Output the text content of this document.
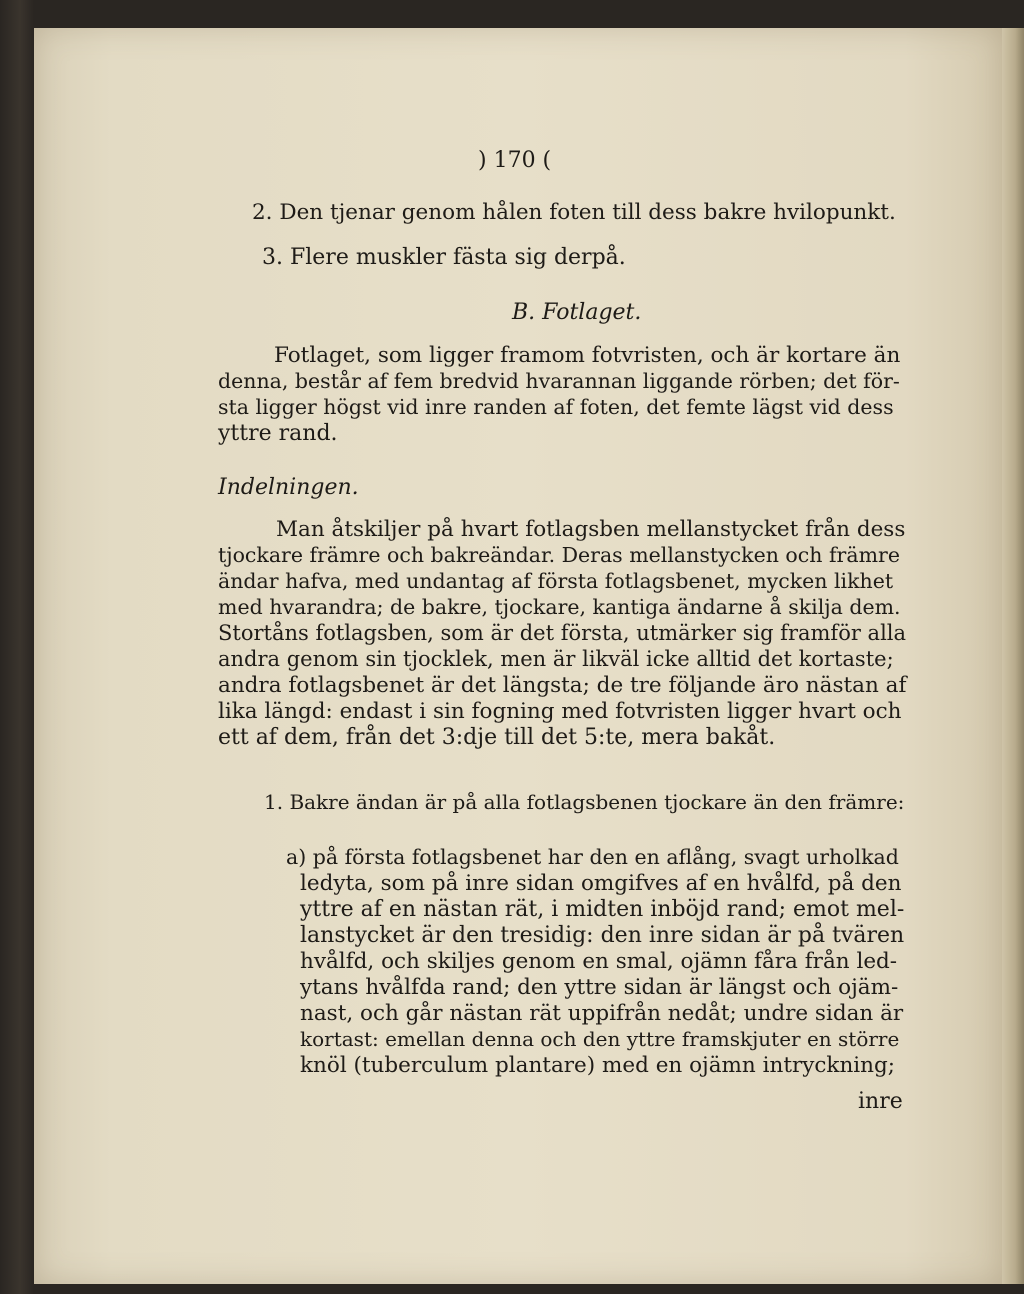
) 170 (
2. Den tjenar genom hålen foten till dess bakre hvilopunkt.
3. Flere muskler fästa sig derpå.
B. Fotlaget.
Fotlaget, som ligger framom fotvristen, och är kortare än
denna, består af fem bredvid hvarannan liggande rörben; det för-
sta ligger högst vid inre randen af foten, det femte lägst vid dess
yttre rand.
Indelningen.
Man åtskiljer på hvart fotlagsben mellanstycket från dess
tjockare främre och bakreändar. Deras mellanstycken och främre
ändar hafva, med undantag af första fotlagsbenet, mycken likhet
med hvarandra; de bakre, tjockare, kantiga ändarne å skilja dem.
Stortåns fotlagsben, som är det första, utmärker sig framför alla
andra genom sin tjocklek, men är likväl icke alltid det kortaste;
andra fotlagsbenet är det längsta; de tre följande äro nästan af
lika längd: endast i sin fogning med fotvristen ligger hvart och
ett af dem, från det 3:dje till det 5:te, mera bakåt.
1. Bakre ändan är på alla fotlagsbenen tjockare än den främre:
a) på första fotlagsbenet har den en aflång, svagt urholkad
ledyta, som på inre sidan omgifves af en hvålfd, på den
yttre af en nästan rät, i midten inböjd rand; emot mel-
lanstycket är den tresidig: den inre sidan är på tvären
hvålfd, och skiljes genom en smal, ojämn fåra från led-
ytans hvålfda rand; den yttre sidan är längst och ojäm-
nast, och går nästan rät uppifrån nedåt; undre sidan är
kortast: emellan denna och den yttre framskjuter en större
knöl (tuberculum plantare) med en ojämn intryckning;
inre
